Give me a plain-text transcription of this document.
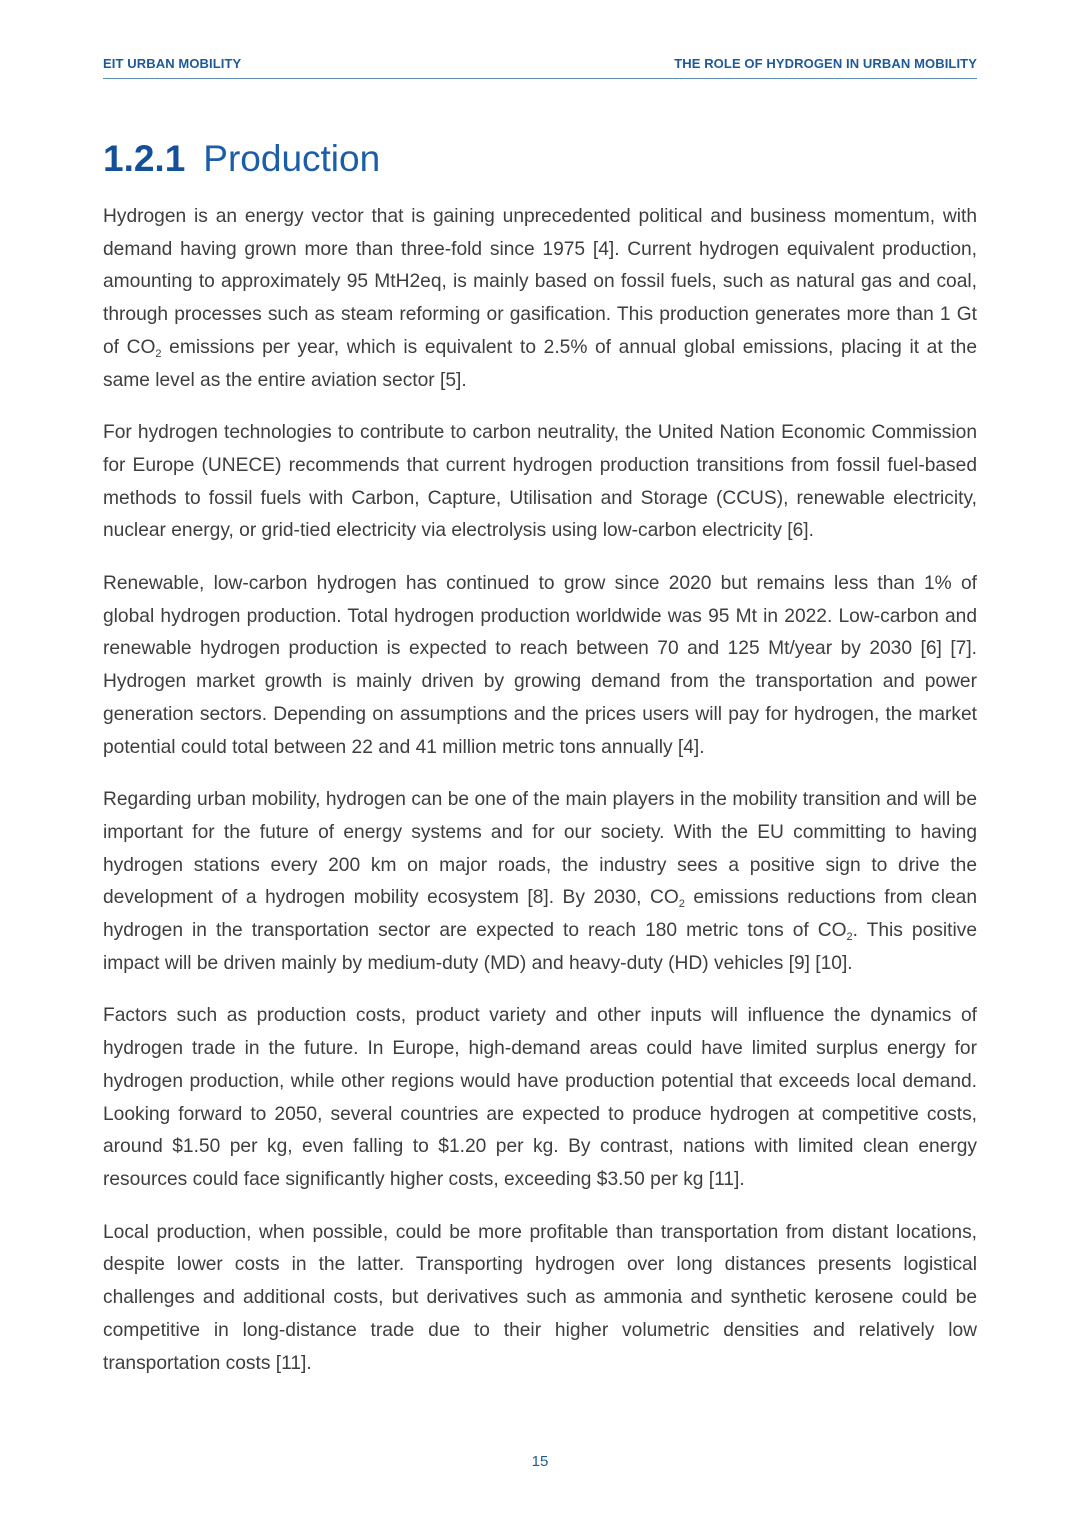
EIT URBAN MOBILITY	THE ROLE OF HYDROGEN IN URBAN MOBILITY
1.2.1 Production

Hydrogen is an energy vector that is gaining unprecedented political and business momentum, with demand having grown more than three-fold since 1975 [4]. Current hydrogen equivalent production, amounting to approximately 95 MtH2eq, is mainly based on fossil fuels, such as natural gas and coal, through processes such as steam reforming or gasification. This production generates more than 1 Gt of $CO_2$ emissions per year, which is equivalent to 2.5% of annual global emissions, placing it at the same level as the entire aviation sector [5].

For hydrogen technologies to contribute to carbon neutrality, the United Nation Economic Commission for Europe (UNECE) recommends that current hydrogen production transitions from fossil fuel-based methods to fossil fuels with Carbon, Capture, Utilisation and Storage (CCUS), renewable electricity, nuclear energy, or grid-tied electricity via electrolysis using low-carbon electricity [6].

Renewable, low-carbon hydrogen has continued to grow since 2020 but remains less than 1% of global hydrogen production. Total hydrogen production worldwide was 95 Mt in 2022. Low-carbon and renewable hydrogen production is expected to reach between 70 and 125 Mt/year by 2030 [6] [7]. Hydrogen market growth is mainly driven by growing demand from the transportation and power generation sectors. Depending on assumptions and the prices users will pay for hydrogen, the market potential could total between 22 and 41 million metric tons annually [4].

Regarding urban mobility, hydrogen can be one of the main players in the mobility transition and will be important for the future of energy systems and for our society. With the EU committing to having hydrogen stations every 200 km on major roads, the industry sees a positive sign to drive the development of a hydrogen mobility ecosystem [8]. By 2030, $CO_2$ emissions reductions from clean hydrogen in the transportation sector are expected to reach 180 metric tons of $CO_2$. This positive impact will be driven mainly by medium-duty (MD) and heavy-duty (HD) vehicles [9] [10].

Factors such as production costs, product variety and other inputs will influence the dynamics of hydrogen trade in the future. In Europe, high-demand areas could have limited surplus energy for hydrogen production, while other regions would have production potential that exceeds local demand. Looking forward to 2050, several countries are expected to produce hydrogen at competitive costs, around $1.50 per kg, even falling to $1.20 per kg. By contrast, nations with limited clean energy resources could face significantly higher costs, exceeding $3.50 per kg [11].

Local production, when possible, could be more profitable than transportation from distant locations, despite lower costs in the latter. Transporting hydrogen over long distances presents logistical challenges and additional costs, but derivatives such as ammonia and synthetic kerosene could be competitive in long-distance trade due to their higher volumetric densities and relatively low transportation costs [11].

15
